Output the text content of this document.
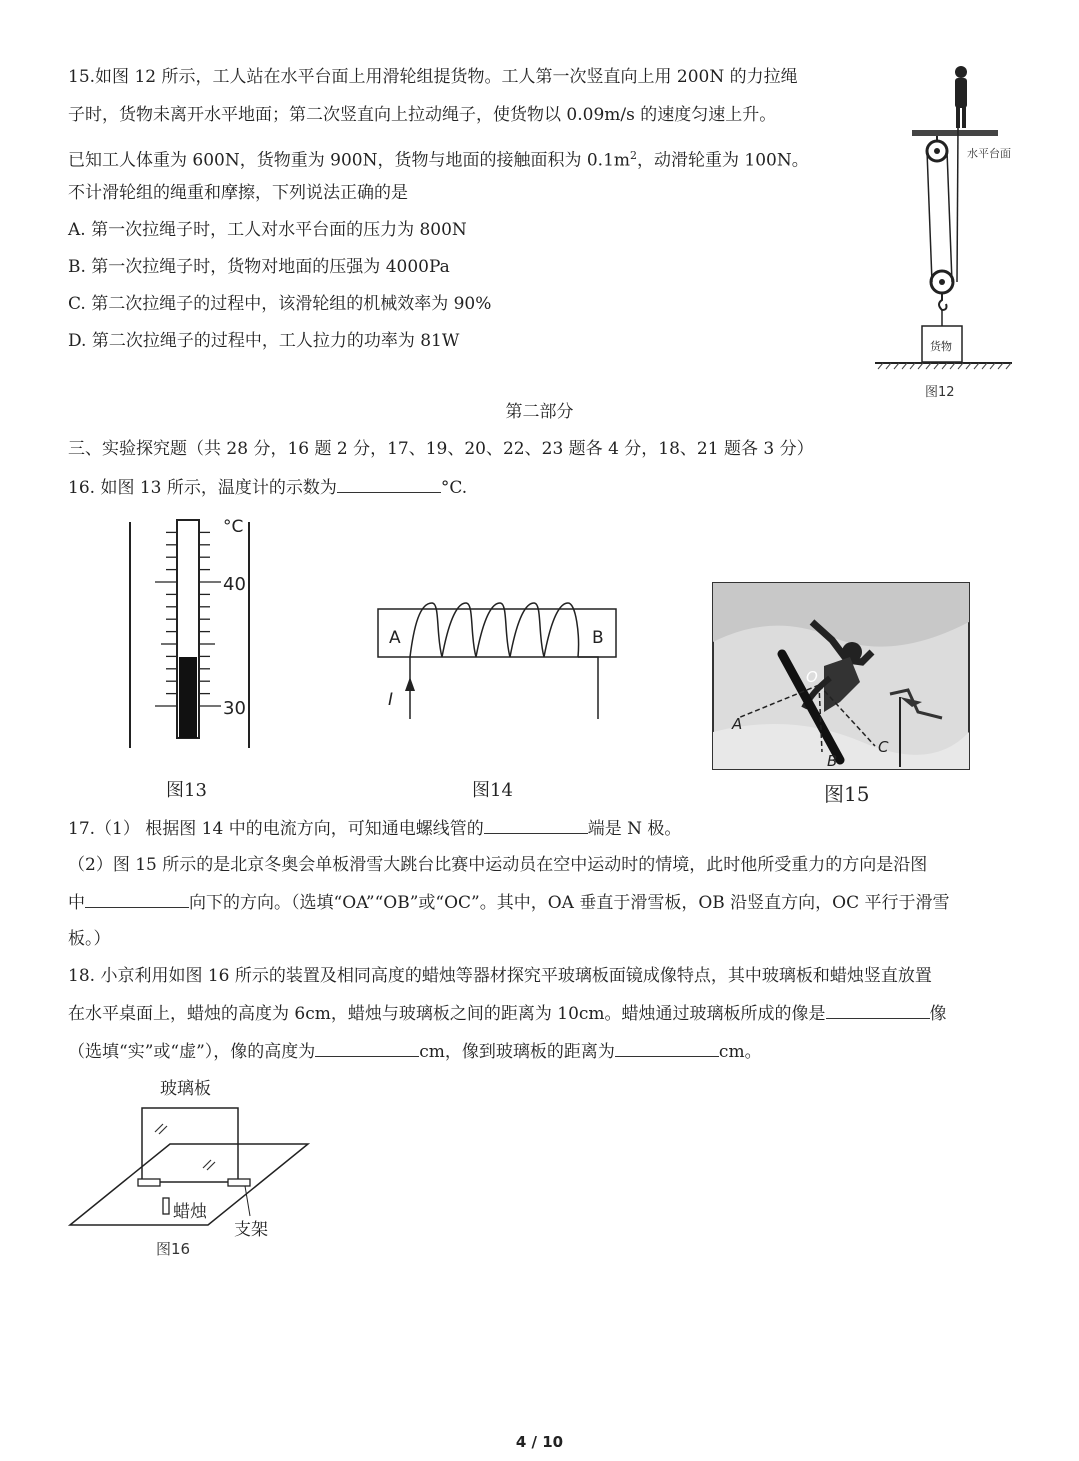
15.如图 12 所示，工人站在水平台面上用滑轮组提货物。工人第一次竖直向上用 200N 的力拉绳
子时，货物未离开水平地面；第二次竖直向上拉动绳子，使货物以 0.09m/s 的速度匀速上升。
已知工人体重为 600N，货物重为 900N，货物与地面的接触面积为 $0.1m^2$，动滑轮重为 100N。
不计滑轮组的绳重和摩擦，下列说法正确的是
A. 第一次拉绳子时，工人对水平台面的压力为 800N
B. 第一次拉绳子时，货物对地面的压强为 4000Pa
C. 第二次拉绳子的过程中，该滑轮组的机械效率为 90%
D. 第二次拉绳子的过程中，工人拉力的功率为 81W
水平台面
货物
图12
第二部分
三、实验探究题（共 28 分，16 题 2 分，17、19、20、22、23 题各 4 分，18、21 题各 3 分）
16. 如图 13 所示，温度计的示数为	°C.
°C
40
30
图13
A	B
I
图14
O
A
B
C
图15
17.（1） 根据图 14 中的电流方向，可知通电螺线管的	端是 N 极。
（2）图 15 所示的是北京冬奥会单板滑雪大跳台比赛中运动员在空中运动时的情境，此时他所受重力的方向是沿图
中	向下的方向。（选填“OA”“OB”或“OC”。其中，OA 垂直于滑雪板，OB 沿竖直方向，OC 平行于滑雪
板。）
18. 小京利用如图 16 所示的装置及相同高度的蜡烛等器材探究平玻璃板面镜成像特点，其中玻璃板和蜡烛竖直放置
在水平桌面上，蜡烛的高度为 6cm，蜡烛与玻璃板之间的距离为 10cm。蜡烛通过玻璃板所成的像是	像
（选填“实”或“虚”），像的高度为	cm，像到玻璃板的距离为	cm。
玻璃板
蜡烛
支架
图16
4 / 10
